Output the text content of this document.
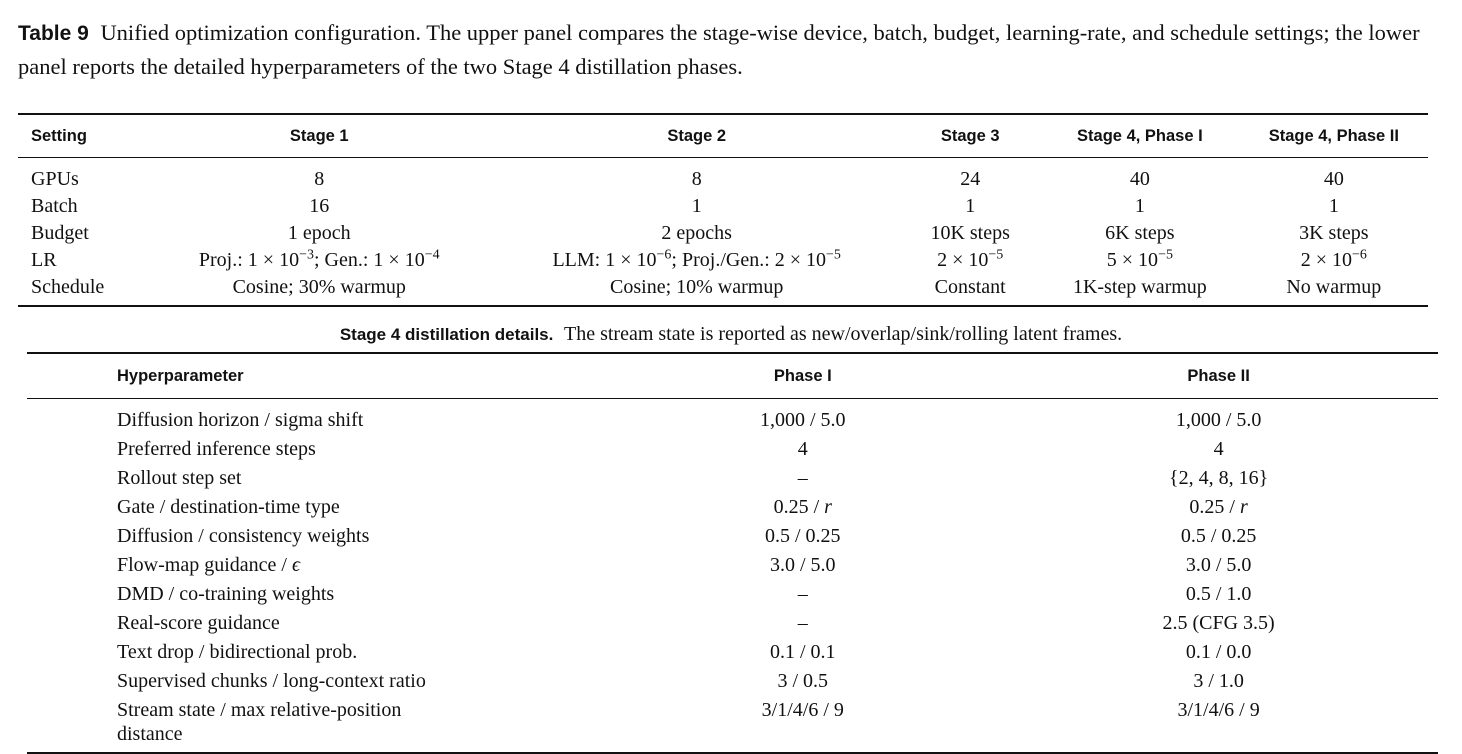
Table 9 Unified optimization configuration. The upper panel compares the stage-wise device, batch, budget, learning-rate, and schedule settings; the lower panel reports the detailed hyperparameters of the two Stage 4 distillation phases.
Setting	Stage 1	Stage 2	Stage 3	Stage 4, Phase I	Stage 4, Phase II
GPUs	8	8	24	40	40
Batch	16	1	1	1	1
Budget	1 epoch	2 epochs	10K steps	6K steps	3K steps
LR	Proj.: $1 \times 10^{-3}$; Gen.: $1 \times 10^{-4}$	LLM: $1 \times 10^{-6}$; Proj./Gen.: $2 \times 10^{-5}$	$2 \times 10^{-5}$	$5 \times 10^{-5}$	$2 \times 10^{-6}$
Schedule	Cosine; 30% warmup	Cosine; 10% warmup	Constant	1K-step warmup	No warmup
Stage 4 distillation details. The stream state is reported as new/overlap/sink/rolling latent frames.
Hyperparameter	Phase I	Phase II
Diffusion horizon / sigma shift	1,000 / 5.0	1,000 / 5.0
Preferred inference steps	4	4
Rollout step set	–	{2, 4, 8, 16}
Gate / destination-time type	0.25 / r	0.25 / r
Diffusion / consistency weights	0.5 / 0.25	0.5 / 0.25
Flow-map guidance / ϵ	3.0 / 5.0	3.0 / 5.0
DMD / co-training weights	–	0.5 / 1.0
Real-score guidance	–	2.5 (CFG 3.5)
Text drop / bidirectional prob.	0.1 / 0.1	0.1 / 0.0
Supervised chunks / long-context ratio	3 / 0.5	3 / 1.0
Stream state / max relative-position
distance	3/1/4/6 / 9	3/1/4/6 / 9
